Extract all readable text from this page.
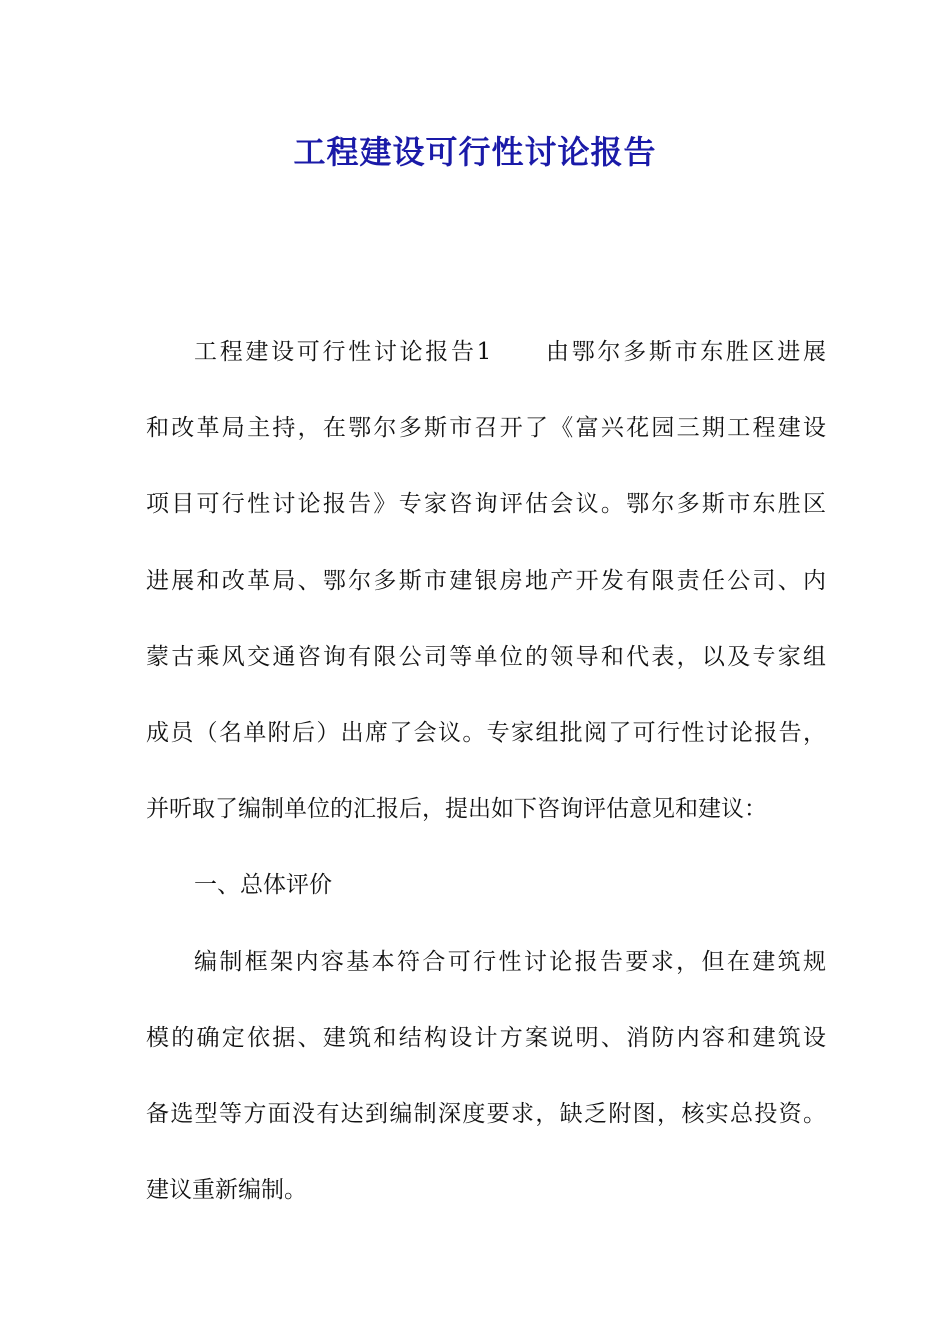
工程建设可行性讨论报告
工程建设可行性讨论报告1 由鄂尔多斯市东胜区进展
和改革局主持，在鄂尔多斯市召开了《富兴花园三期工程建设
项目可行性讨论报告》专家咨询评估会议。鄂尔多斯市东胜区
进展和改革局、鄂尔多斯市建银房地产开发有限责任公司、内
蒙古乘风交通咨询有限公司等单位的领导和代表，以及专家组
成员（名单附后）出席了会议。专家组批阅了可行性讨论报告，
并听取了编制单位的汇报后，提出如下咨询评估意见和建议：
一、总体评价
编制框架内容基本符合可行性讨论报告要求，但在建筑规
模的确定依据、建筑和结构设计方案说明、消防内容和建筑设
备选型等方面没有达到编制深度要求，缺乏附图，核实总投资。
建议重新编制。
